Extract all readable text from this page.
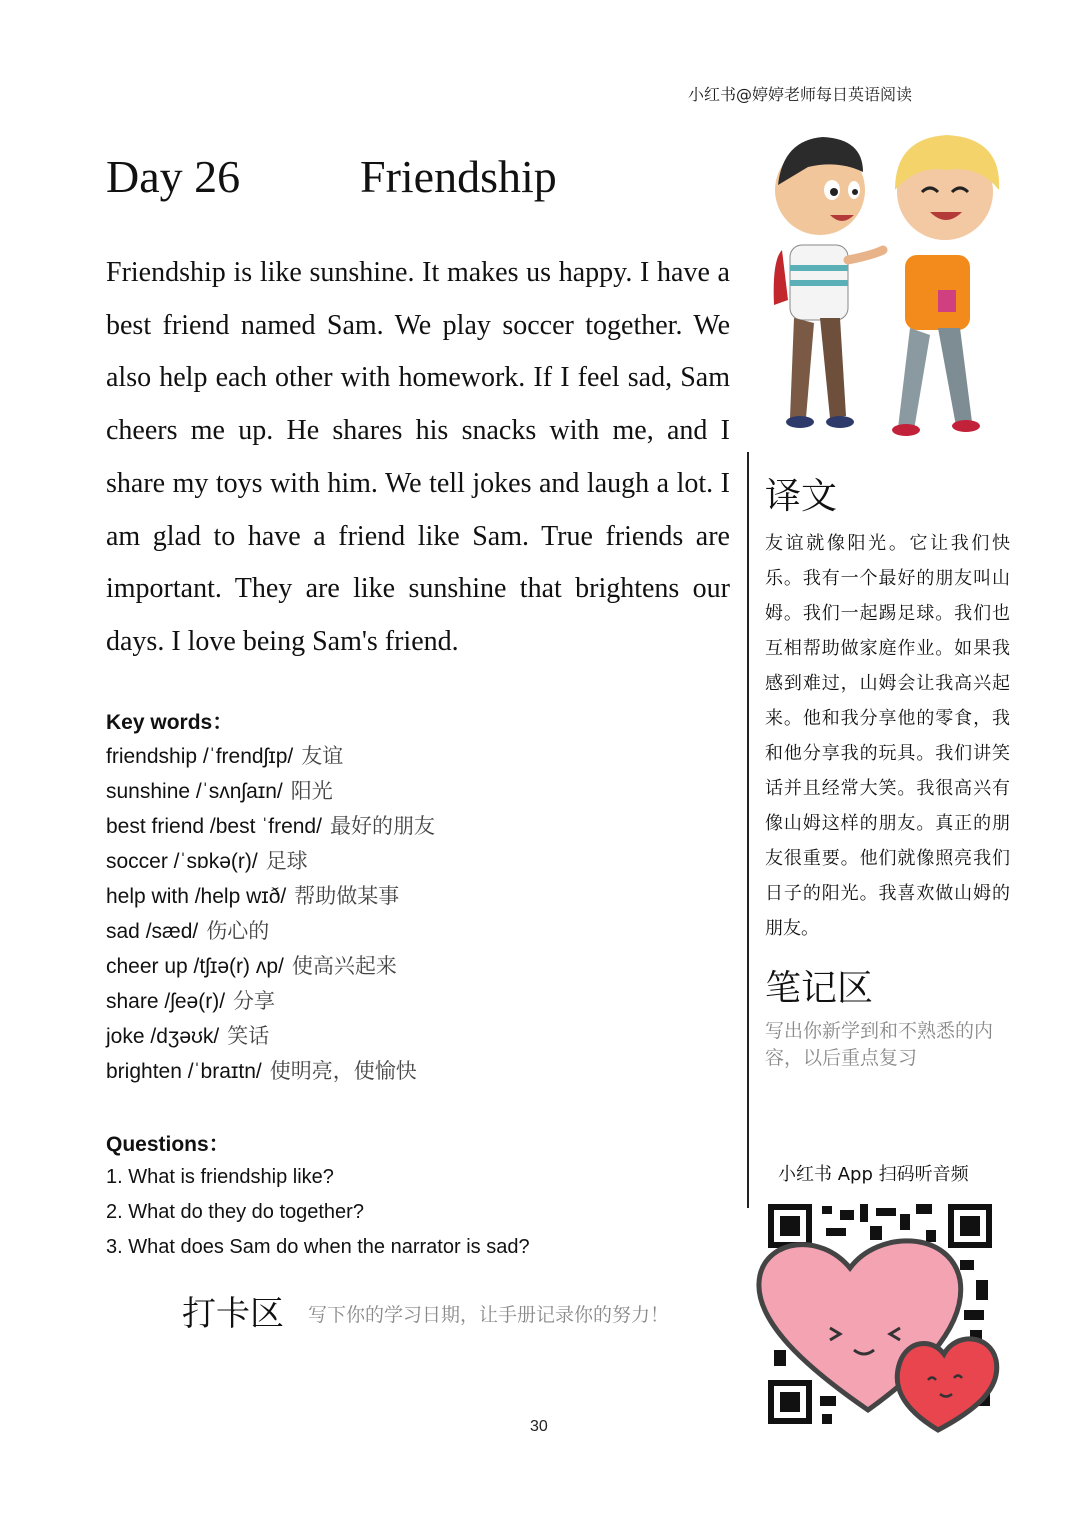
小红书@婷婷老师每日英语阅读
Day 26	Friendship
Friendship is like sunshine. It makes us happy. I have a best friend named Sam. We play soccer together. We also help each other with homework. If I feel sad, Sam cheers me up. He shares his snacks with me, and I share my toys with him. We tell jokes and laugh a lot. I am glad to have a friend like Sam. True friends are important. They are like sunshine that brightens our days. I love being Sam's friend.
Key words：
friendship /ˈfrendʃɪp/ 友谊
sunshine /ˈsʌnʃaɪn/ 阳光
best friend /best ˈfrend/ 最好的朋友
soccer /ˈsɒkə(r)/ 足球
help with /help wɪð/ 帮助做某事
sad /sæd/ 伤心的
cheer up /tʃɪə(r) ʌp/ 使高兴起来
share /ʃeə(r)/ 分享
joke /dʒəʊk/ 笑话
brighten /ˈbraɪtn/ 使明亮，使愉快
Questions：
1. What is friendship like?
2. What do they do together?
3. What does Sam do when the narrator is sad?
打卡区 写下你的学习日期，让手册记录你的努力！
30
译文
友谊就像阳光。它让我们快乐。我有一个最好的朋友叫山姆。我们一起踢足球。我们也互相帮助做家庭作业。如果我感到难过，山姆会让我高兴起来。他和我分享他的零食，我和他分享我的玩具。我们讲笑话并且经常大笑。我很高兴有像山姆这样的朋友。真正的朋友很重要。他们就像照亮我们日子的阳光。我喜欢做山姆的朋友。
笔记区
写出你新学到和不熟悉的内容，以后重点复习
小红书 App 扫码听音频
